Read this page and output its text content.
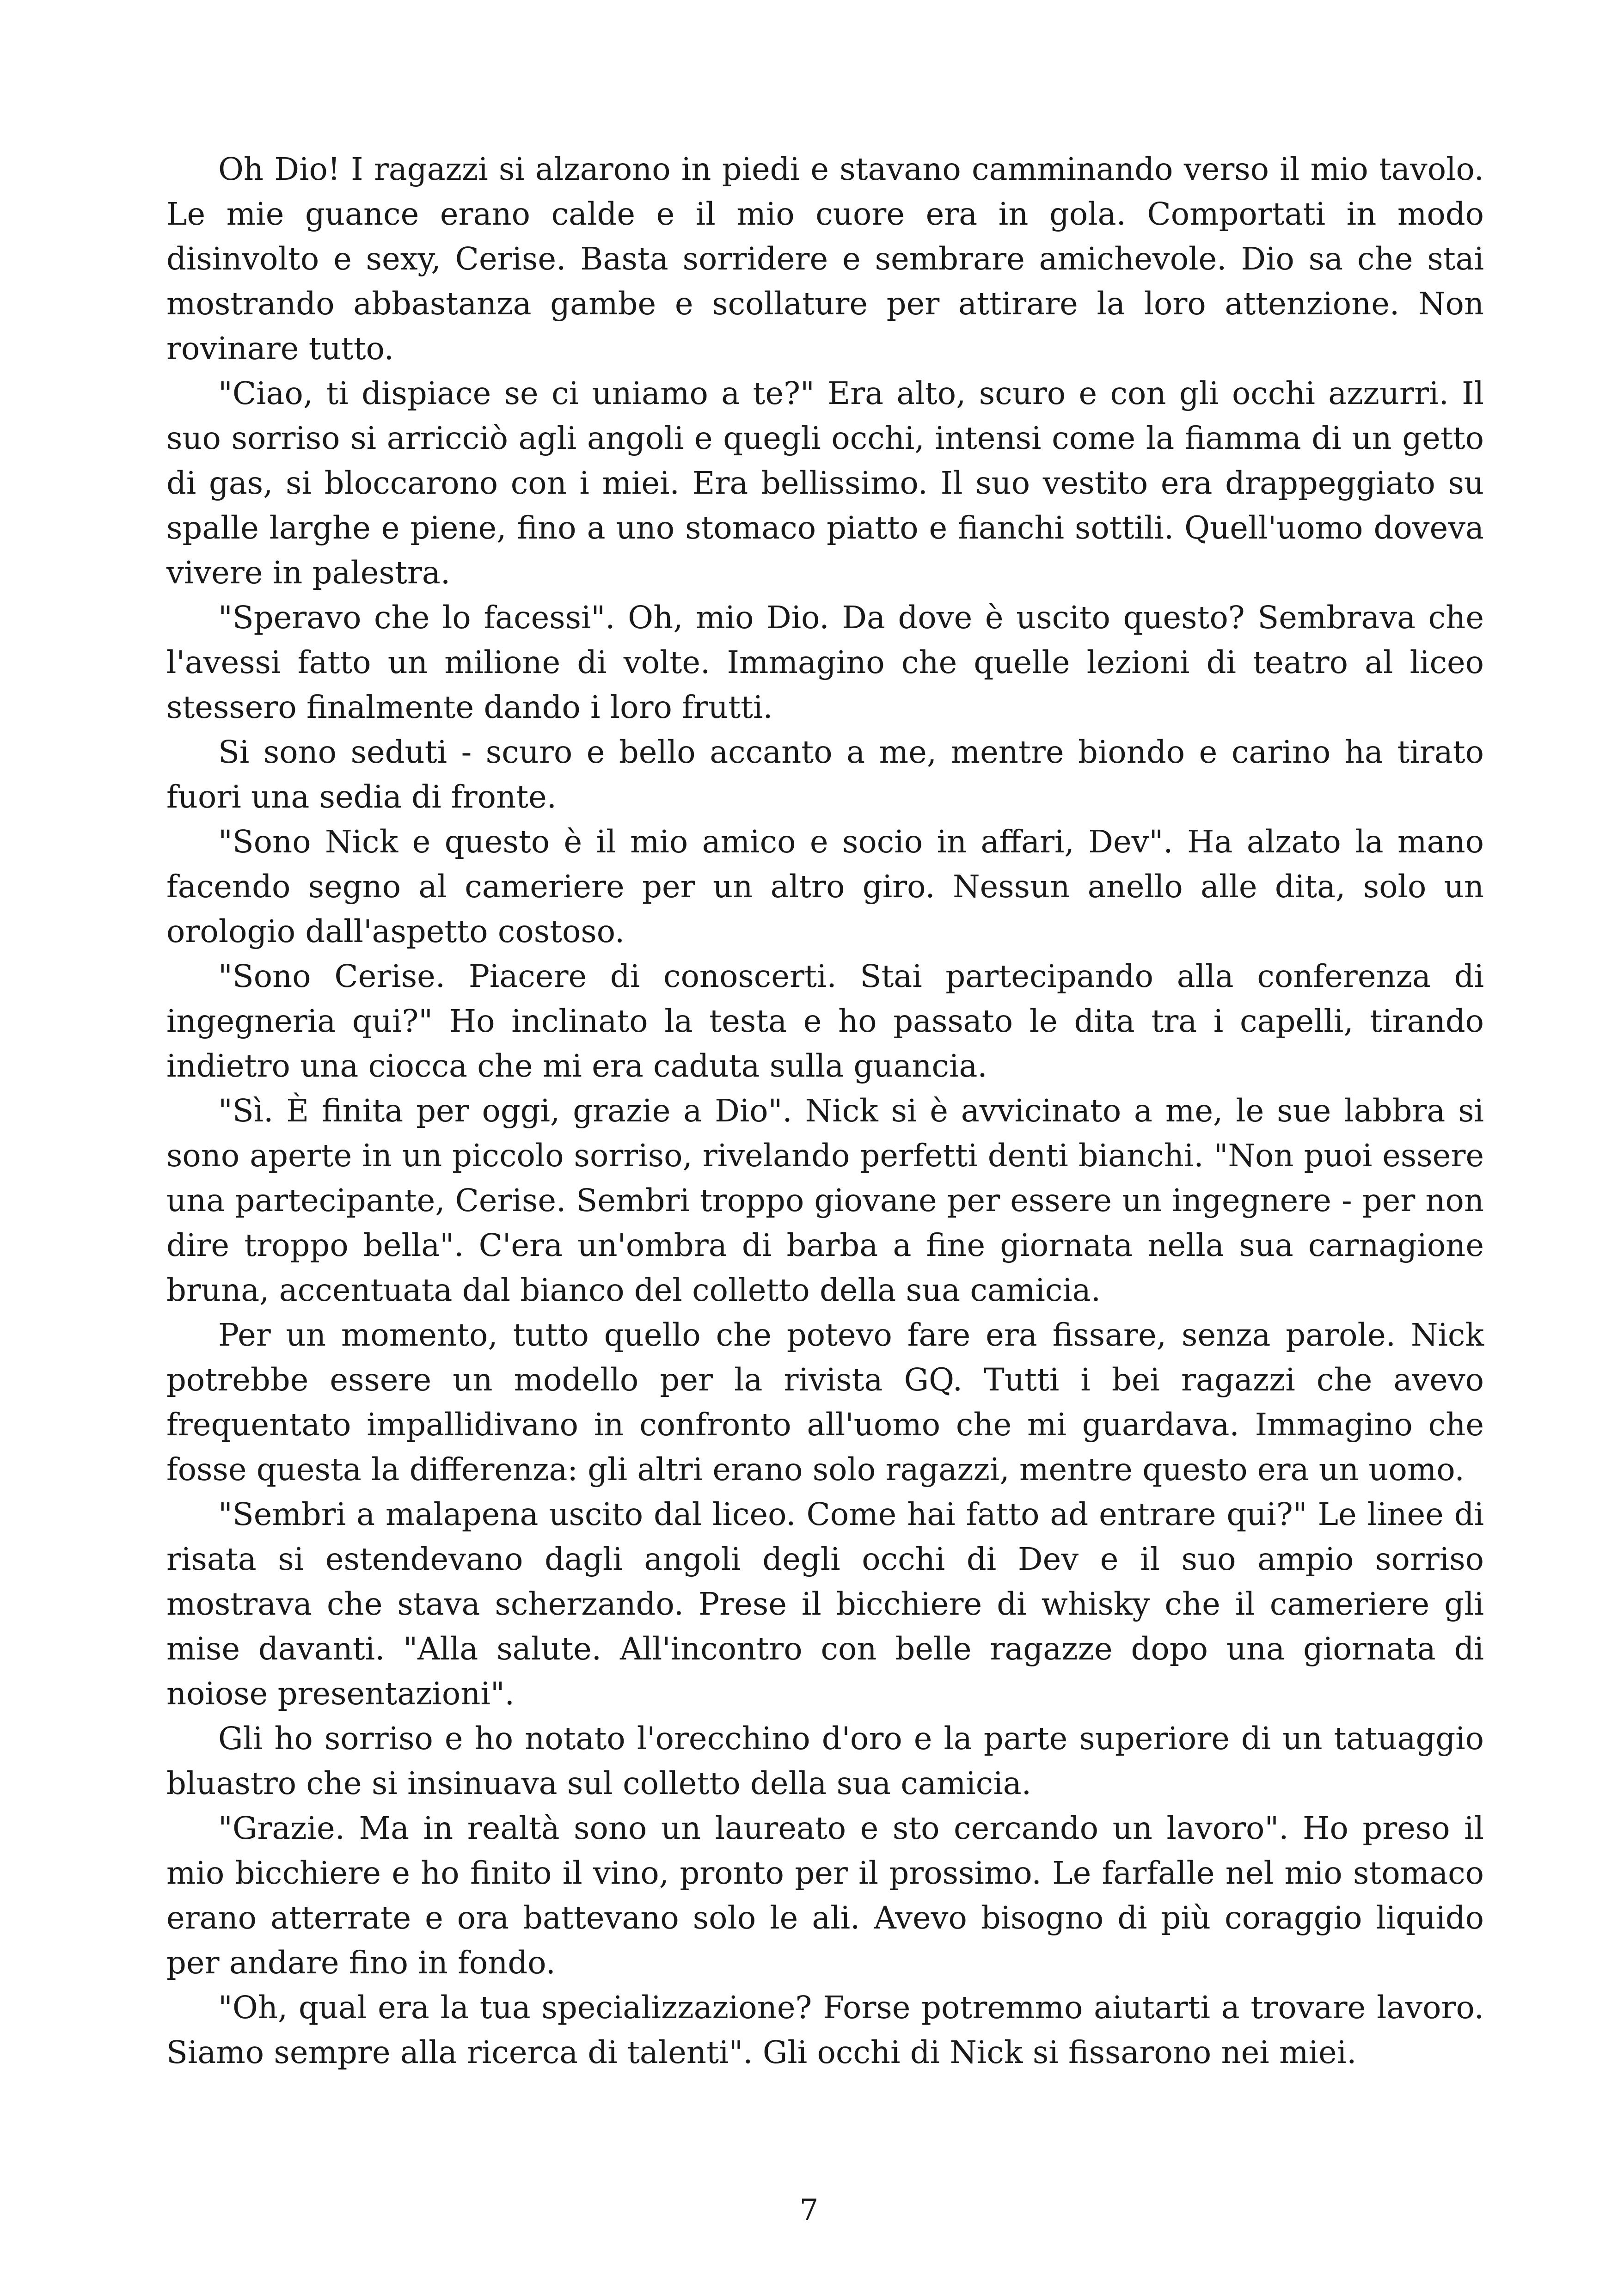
Oh Dio! I ragazzi si alzarono in piedi e stavano camminando verso il mio tavolo. Le mie guance erano calde e il mio cuore era in gola. Comportati in modo disinvolto e sexy, Cerise. Basta sorridere e sembrare amichevole. Dio sa che stai mostrando abbastanza gambe e scollature per attirare la loro attenzione. Non rovinare tutto.

"Ciao, ti dispiace se ci uniamo a te?" Era alto, scuro e con gli occhi azzurri. Il suo sorriso si arricciò agli angoli e quegli occhi, intensi come la fiamma di un getto di gas, si bloccarono con i miei. Era bellissimo. Il suo vestito era drappeggiato su spalle larghe e piene, fino a uno stomaco piatto e fianchi sottili. Quell'uomo doveva vivere in palestra.

"Speravo che lo facessi". Oh, mio Dio. Da dove è uscito questo? Sembrava che l'avessi fatto un milione di volte. Immagino che quelle lezioni di teatro al liceo stessero finalmente dando i loro frutti.

Si sono seduti - scuro e bello accanto a me, mentre biondo e carino ha tirato fuori una sedia di fronte.

"Sono Nick e questo è il mio amico e socio in affari, Dev". Ha alzato la mano facendo segno al cameriere per un altro giro. Nessun anello alle dita, solo un orologio dall'aspetto costoso.

"Sono Cerise. Piacere di conoscerti. Stai partecipando alla conferenza di ingegneria qui?" Ho inclinato la testa e ho passato le dita tra i capelli, tirando indietro una ciocca che mi era caduta sulla guancia.

"Sì. È finita per oggi, grazie a Dio". Nick si è avvicinato a me, le sue labbra si sono aperte in un piccolo sorriso, rivelando perfetti denti bianchi. "Non puoi essere una partecipante, Cerise. Sembri troppo giovane per essere un ingegnere - per non dire troppo bella". C'era un'ombra di barba a fine giornata nella sua carnagione bruna, accentuata dal bianco del colletto della sua camicia.

Per un momento, tutto quello che potevo fare era fissare, senza parole. Nick potrebbe essere un modello per la rivista GQ. Tutti i bei ragazzi che avevo frequentato impallidivano in confronto all'uomo che mi guardava. Immagino che fosse questa la differenza: gli altri erano solo ragazzi, mentre questo era un uomo.

"Sembri a malapena uscito dal liceo. Come hai fatto ad entrare qui?" Le linee di risata si estendevano dagli angoli degli occhi di Dev e il suo ampio sorriso mostrava che stava scherzando. Prese il bicchiere di whisky che il cameriere gli mise davanti. "Alla salute. All'incontro con belle ragazze dopo una giornata di noiose presentazioni".

Gli ho sorriso e ho notato l'orecchino d'oro e la parte superiore di un tatuaggio bluastro che si insinuava sul colletto della sua camicia.

"Grazie. Ma in realtà sono un laureato e sto cercando un lavoro". Ho preso il mio bicchiere e ho finito il vino, pronto per il prossimo. Le farfalle nel mio stomaco erano atterrate e ora battevano solo le ali. Avevo bisogno di più coraggio liquido per andare fino in fondo.

"Oh, qual era la tua specializzazione? Forse potremmo aiutarti a trovare lavoro. Siamo sempre alla ricerca di talenti". Gli occhi di Nick si fissarono nei miei.

7
